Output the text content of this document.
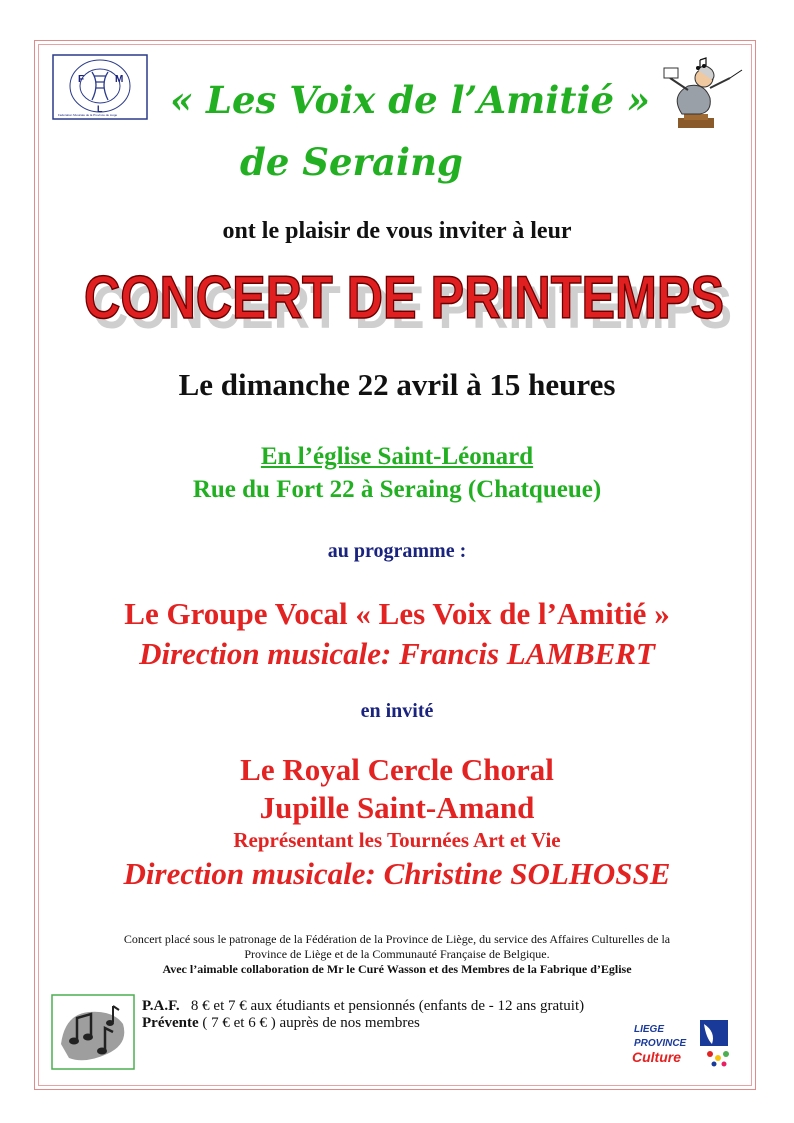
F	M
L
Fédération Musicale de la Province de Liège	« Les Voix de l’Amitié »
de Seraing
ont le plaisir de vous inviter à leur
CONCERT DE PRINTEMPS
CONCERT DE PRINTEMPS
Le dimanche 22 avril à 15 heures
En l’église Saint-Léonard
Rue du Fort 22 à Seraing (Chatqueue)
au programme :
Le Groupe Vocal « Les Voix de l’Amitié »
Direction musicale: Francis LAMBERT
en invité
Le Royal Cercle Choral
Jupille Saint-Amand
Représentant les Tournées Art et Vie
Direction musicale: Christine SOLHOSSE
Concert placé sous le patronage de la Fédération de la Province de Liège, du service des Affaires Culturelles de la
Province de Liège et de la Communauté Française de Belgique.
Avec l’aimable collaboration de Mr le Curé Wasson et des Membres de la Fabrique d’Eglise
P.A.F. 8 € et 7 € aux étudiants et pensionnés (enfants de - 12 ans gratuit)
Prévente ( 7 € et 6 € ) auprès de nos membres	LIEGE
PROVINCE
Culture
